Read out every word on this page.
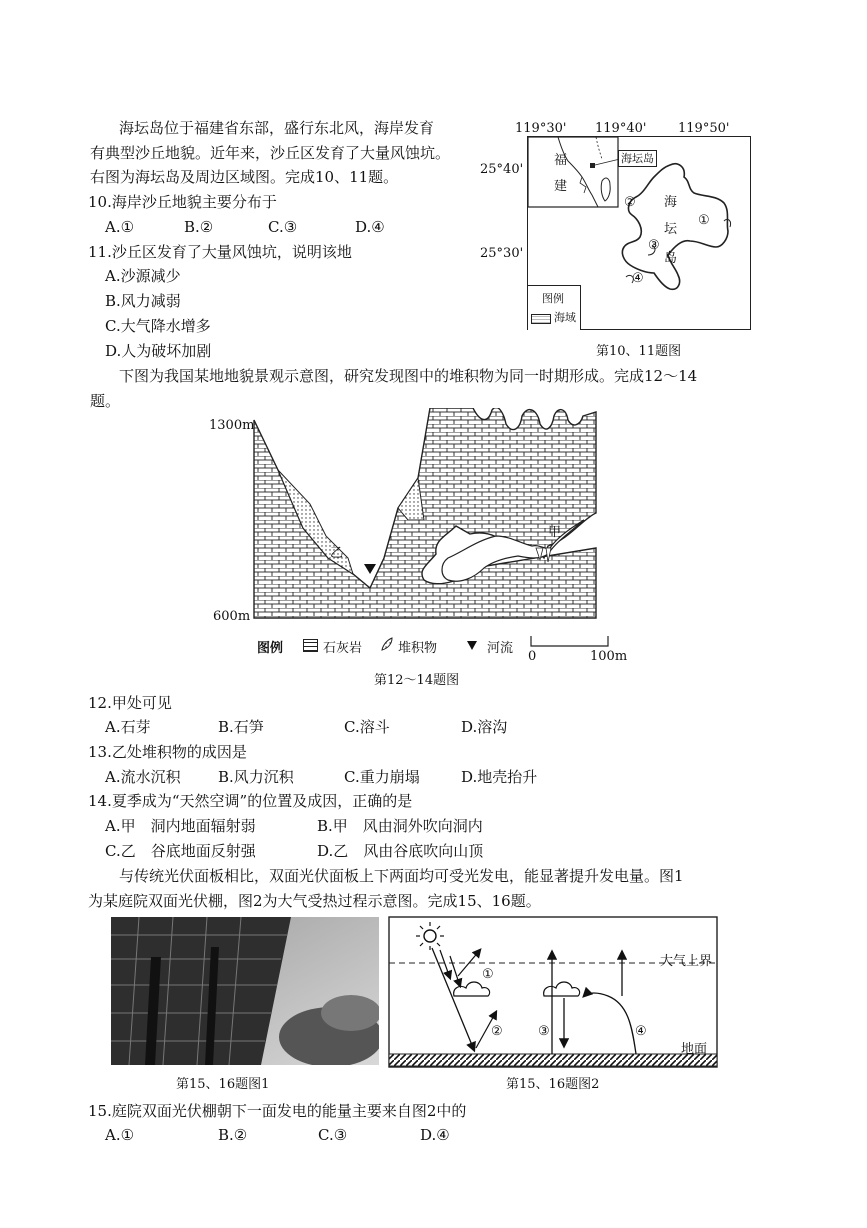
海坛岛位于福建省东部，盛行东北风，海岸发育
有典型沙丘地貌。近年来，沙丘区发育了大量风蚀坑。
右图为海坛岛及周边区域图。完成10、11题。
10.海岸沙丘地貌主要分布于
A.①	B.②	C.③	D.④
11.沙丘区发育了大量风蚀坑，说明该地
A.沙源减少
B.风力减弱
C.大气降水增多
D.人为破坏加剧
119°30' 119°40' 119°50'
25°40'
25°30'
海坛岛
福
建
海
坛
岛
①
②
③
④
图例
海域
第10、11题图
下图为我国某地地貌景观示意图，研究发现图中的堆积物为同一时期形成。完成12～14
题。
1300m
600m
甲
乙
图例	石灰岩	堆积物	河流
0	100m
第12～14题图
12.甲处可见
A.石芽	B.石笋	C.溶斗	D.溶沟
13.乙处堆积物的成因是
A.流水沉积 B.风力沉积	C.重力崩塌	D.地壳抬升
14.夏季成为“天然空调”的位置及成因，正确的是
A.甲　洞内地面辐射弱	B.甲　风由洞外吹向洞内
C.乙　谷底地面反射强	D.乙　风由谷底吹向山顶
与传统光伏面板相比，双面光伏面板上下两面均可受光发电，能显著提升发电量。图1
为某庭院双面光伏棚，图2为大气受热过程示意图。完成15、16题。
第15、16题图1
大气上界
地面
①
②	③	④
第15、16题图2
15.庭院双面光伏棚朝下一面发电的能量主要来自图2中的
A.①	B.②	C.③	D.④
